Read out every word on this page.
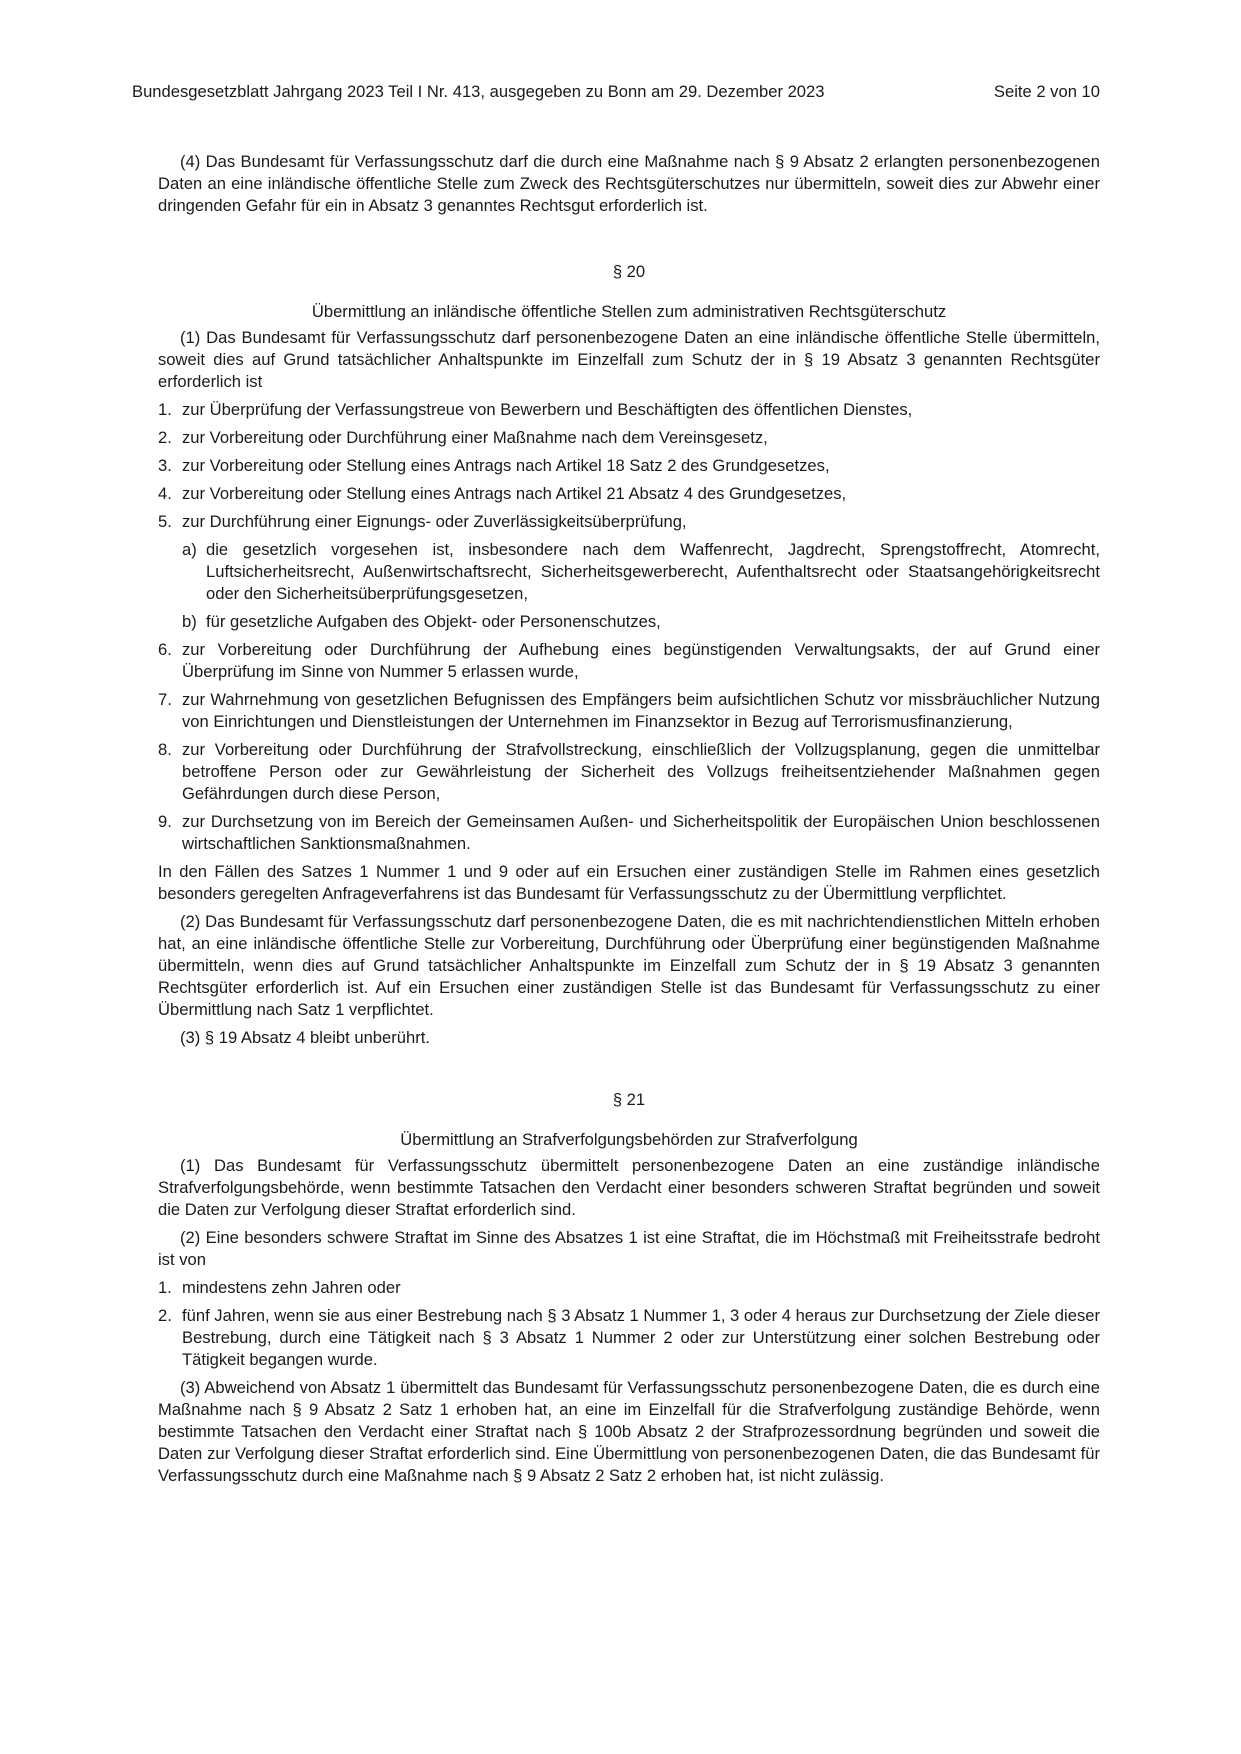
Bundesgesetzblatt Jahrgang 2023 Teil I Nr. 413, ausgegeben zu Bonn am 29. Dezember 2023	Seite 2 von 10

(4) Das Bundesamt für Verfassungsschutz darf die durch eine Maßnahme nach § 9 Absatz 2 erlangten personenbezogenen Daten an eine inländische öffentliche Stelle zum Zweck des Rechtsgüterschutzes nur übermitteln, soweit dies zur Abwehr einer dringenden Gefahr für ein in Absatz 3 genanntes Rechtsgut erforderlich ist.

§ 20
Übermittlung an inländische öffentliche Stellen zum administrativen Rechtsgüterschutz

(1) Das Bundesamt für Verfassungsschutz darf personenbezogene Daten an eine inländische öffentliche Stelle übermitteln, soweit dies auf Grund tatsächlicher Anhaltspunkte im Einzelfall zum Schutz der in § 19 Absatz 3 genannten Rechtsgüter erforderlich ist

1. zur Überprüfung der Verfassungstreue von Bewerbern und Beschäftigten des öffentlichen Dienstes,
2. zur Vorbereitung oder Durchführung einer Maßnahme nach dem Vereinsgesetz,
3. zur Vorbereitung oder Stellung eines Antrags nach Artikel 18 Satz 2 des Grundgesetzes,
4. zur Vorbereitung oder Stellung eines Antrags nach Artikel 21 Absatz 4 des Grundgesetzes,
5. zur Durchführung einer Eignungs- oder Zuverlässigkeitsüberprüfung,
a) die gesetzlich vorgesehen ist, insbesondere nach dem Waffenrecht, Jagdrecht, Sprengstoffrecht, Atomrecht, Luftsicherheitsrecht, Außenwirtschaftsrecht, Sicherheitsgewerberecht, Aufenthaltsrecht oder Staatsangehörigkeitsrecht oder den Sicherheitsüberprüfungsgesetzen,
b) für gesetzliche Aufgaben des Objekt- oder Personenschutzes,
6. zur Vorbereitung oder Durchführung der Aufhebung eines begünstigenden Verwaltungsakts, der auf Grund einer Überprüfung im Sinne von Nummer 5 erlassen wurde,
7. zur Wahrnehmung von gesetzlichen Befugnissen des Empfängers beim aufsichtlichen Schutz vor missbräuchlicher Nutzung von Einrichtungen und Dienstleistungen der Unternehmen im Finanzsektor in Bezug auf Terrorismusfinanzierung,
8. zur Vorbereitung oder Durchführung der Strafvollstreckung, einschließlich der Vollzugsplanung, gegen die unmittelbar betroffene Person oder zur Gewährleistung der Sicherheit des Vollzugs freiheitsentziehender Maßnahmen gegen Gefährdungen durch diese Person,
9. zur Durchsetzung von im Bereich der Gemeinsamen Außen- und Sicherheitspolitik der Europäischen Union beschlossenen wirtschaftlichen Sanktionsmaßnahmen.

In den Fällen des Satzes 1 Nummer 1 und 9 oder auf ein Ersuchen einer zuständigen Stelle im Rahmen eines gesetzlich besonders geregelten Anfrageverfahrens ist das Bundesamt für Verfassungsschutz zu der Übermittlung verpflichtet.

(2) Das Bundesamt für Verfassungsschutz darf personenbezogene Daten, die es mit nachrichtendienstlichen Mitteln erhoben hat, an eine inländische öffentliche Stelle zur Vorbereitung, Durchführung oder Überprüfung einer begünstigenden Maßnahme übermitteln, wenn dies auf Grund tatsächlicher Anhaltspunkte im Einzelfall zum Schutz der in § 19 Absatz 3 genannten Rechtsgüter erforderlich ist. Auf ein Ersuchen einer zuständigen Stelle ist das Bundesamt für Verfassungsschutz zu einer Übermittlung nach Satz 1 verpflichtet.

(3) § 19 Absatz 4 bleibt unberührt.

§ 21
Übermittlung an Strafverfolgungsbehörden zur Strafverfolgung

(1) Das Bundesamt für Verfassungsschutz übermittelt personenbezogene Daten an eine zuständige inländische Strafverfolgungsbehörde, wenn bestimmte Tatsachen den Verdacht einer besonders schweren Straftat begründen und soweit die Daten zur Verfolgung dieser Straftat erforderlich sind.

(2) Eine besonders schwere Straftat im Sinne des Absatzes 1 ist eine Straftat, die im Höchstmaß mit Freiheitsstrafe bedroht ist von

1. mindestens zehn Jahren oder
2. fünf Jahren, wenn sie aus einer Bestrebung nach § 3 Absatz 1 Nummer 1, 3 oder 4 heraus zur Durchsetzung der Ziele dieser Bestrebung, durch eine Tätigkeit nach § 3 Absatz 1 Nummer 2 oder zur Unterstützung einer solchen Bestrebung oder Tätigkeit begangen wurde.

(3) Abweichend von Absatz 1 übermittelt das Bundesamt für Verfassungsschutz personenbezogene Daten, die es durch eine Maßnahme nach § 9 Absatz 2 Satz 1 erhoben hat, an eine im Einzelfall für die Strafverfolgung zuständige Behörde, wenn bestimmte Tatsachen den Verdacht einer Straftat nach § 100b Absatz 2 der Strafprozessordnung begründen und soweit die Daten zur Verfolgung dieser Straftat erforderlich sind. Eine Übermittlung von personenbezogenen Daten, die das Bundesamt für Verfassungsschutz durch eine Maßnahme nach § 9 Absatz 2 Satz 2 erhoben hat, ist nicht zulässig.
